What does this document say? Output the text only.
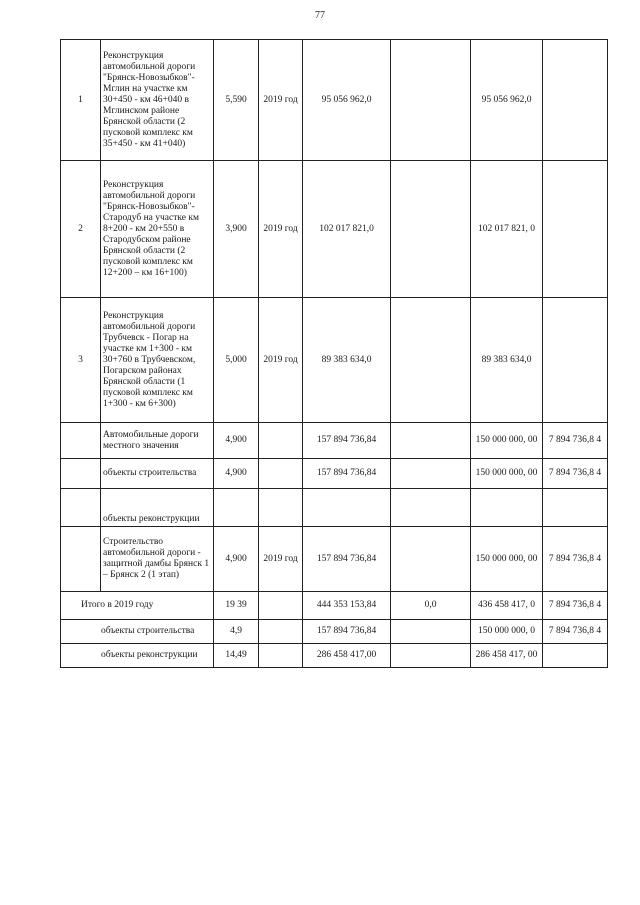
77
1	Реконструкция автомобильной дороги "Брянск-Новозыбков"-Мглин на участке км 30+450 - км 46+040 в Мглинском районе Брянской области (2 пусковой комплекс км 35+450 - км 41+040)	5,590	2019 год	95 056 962,0		95 056 962,0	
2	Реконструкция автомобильной дороги "Брянск-Новозыбков"-Стародуб на участке км 8+200 - км 20+550 в Стародубском районе Брянской области (2 пусковой комплекс км 12+200 – км 16+100)	3,900	2019 год	102 017 821,0		102 017 821, 0	
3	Реконструкция автомобильной дороги Трубчевск - Погар на участке км 1+300 - км 30+760 в Трубчевском, Погарском районах Брянской области (1 пусковой комплекс км 1+300 - км 6+300)	5,000	2019 год	89 383 634,0		89 383 634,0	
	Автомобильные дороги местного значения	4,900		157 894 736,84		150 000 000, 00	7 894 736,8 4
	объекты строительства	4,900		157 894 736,84		150 000 000, 00	7 894 736,8 4
	объекты реконструкции						
	Строительство автомобильной дороги - защитной дамбы Брянск 1 – Брянск 2 (1 этап)	4,900	2019 год	157 894 736,84		150 000 000, 00	7 894 736,8 4
Итого в 2019 году		19 39		444 353 153,84	0,0	436 458 417, 0	7 894 736,8 4
объекты строительства		4,9		157 894 736,84		150 000 000, 0	7 894 736,8 4
объекты реконструкции		14,49		286 458 417,00		286 458 417, 00	
